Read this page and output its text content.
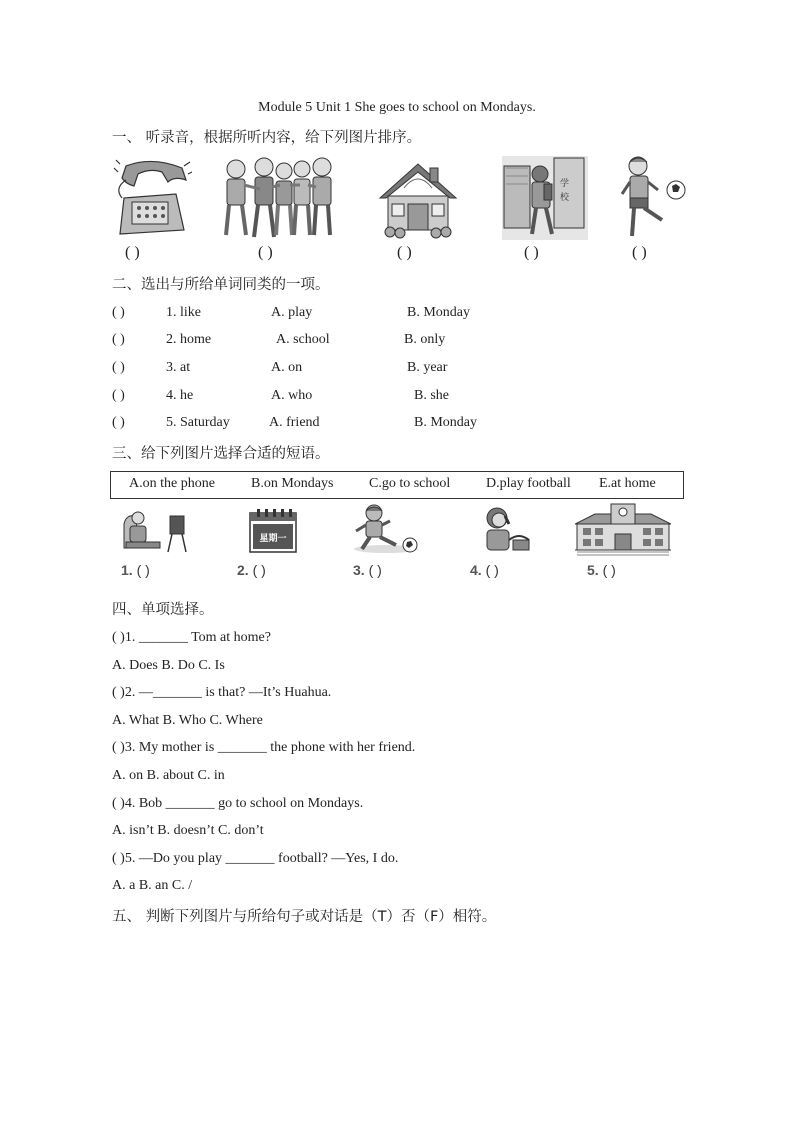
Module 5 Unit 1 She goes to school on Mondays.
一、 听录音，根据所听内容，给下列图片排序。
学
校
( )	( )	( )	( )	( )
二、选出与所给单词同类的一项。
( )	1. like	A. play	B. Monday
( )	2. home	A. school	B. only
( )	3. at	A. on	B. year
( )	4. he	A. who	B. she
( )	5. Saturday	A. friend	B. Monday
三、给下列图片选择合适的短语。
A.on the phone	B.on Mondays	C.go to school	D.play football E.at home
星期一
1. ( )	2. ( )	3. ( )	4. ( )	5. ( )
四、单项选择。
( )1. _______ Tom at home?
A. Does B. Do C. Is
( )2. —_______ is that? —It’s Huahua.
A. What B. Who C. Where
( )3. My mother is _______ the phone with her friend.
A. on B. about C. in
( )4. Bob _______ go to school on Mondays.
A. isn’t B. doesn’t C. don’t
( )5. —Do you play _______ football? —Yes, I do.
A. a B. an C. /
五、 判断下列图片与所给句子或对话是（T）否（F）相符。
